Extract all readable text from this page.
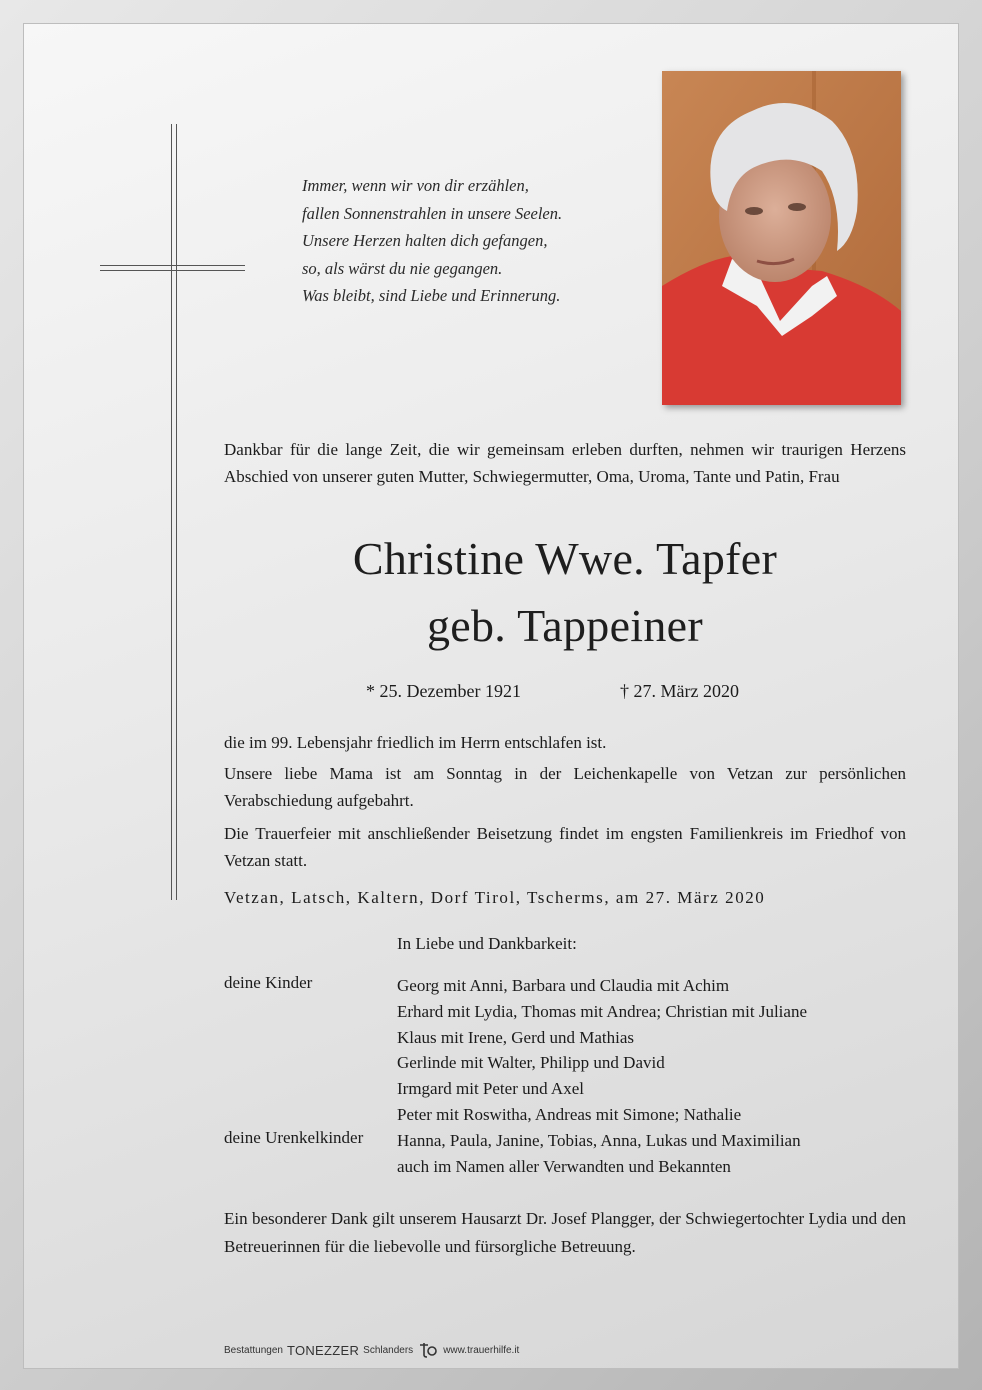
Immer, wenn wir von dir erzählen,
fallen Sonnenstrahlen in unsere Seelen.
Unsere Herzen halten dich gefangen,
so, als wärst du nie gegangen.
Was bleibt, sind Liebe und Erinnerung.
Dankbar für die lange Zeit, die wir gemeinsam erleben durften, nehmen wir traurigen Herzens Abschied von unserer guten Mutter, Schwiegermutter, Oma, Uroma, Tante und Patin, Frau
Christine Wwe. Tapfer
geb. Tappeiner
* 25. Dezember 1921	† 27. März 2020
die im 99. Lebensjahr friedlich im Herrn entschlafen ist.
Unsere liebe Mama ist am Sonntag in der Leichenkapelle von Vetzan zur persönlichen Verabschiedung aufgebahrt.
Die Trauerfeier mit anschließender Beisetzung findet im engsten Familienkreis im Friedhof von Vetzan statt.
Vetzan, Latsch, Kaltern, Dorf Tirol, Tscherms, am 27. März 2020
In Liebe und Dankbarkeit:
deine Kinder
deine Urenkelkinder
Georg mit Anni, Barbara und Claudia mit Achim
Erhard mit Lydia, Thomas mit Andrea; Christian mit Juliane
Klaus mit Irene, Gerd und Mathias
Gerlinde mit Walter, Philipp und David
Irmgard mit Peter und Axel
Peter mit Roswitha, Andreas mit Simone; Nathalie
Hanna, Paula, Janine, Tobias, Anna, Lukas und Maximilian
auch im Namen aller Verwandten und Bekannten
Ein besonderer Dank gilt unserem Hausarzt Dr. Josef Plangger, der Schwiegertochter Lydia und den Betreuerinnen für die liebevolle und fürsorgliche Betreuung.
Bestattungen TONEZZER Schlanders	www.trauerhilfe.it
